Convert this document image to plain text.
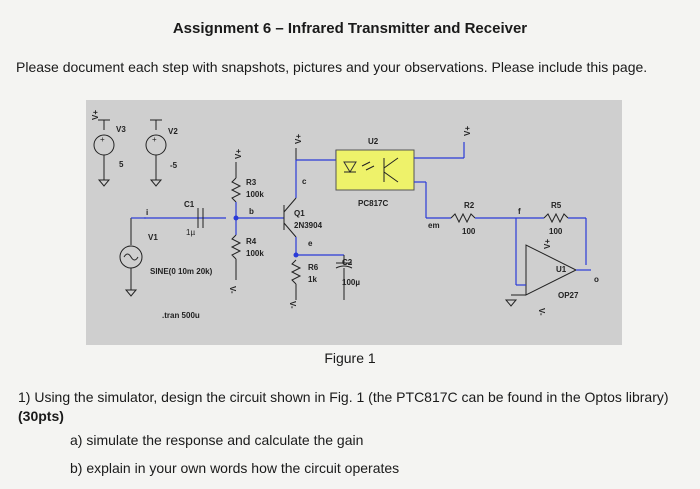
Assignment 6 – Infrared Transmitter and Receiver
Please document each step with snapshots, pictures and your observations. Please include this page.
+
V+
V3
5
+
V2
-5
i
V1
SINE(0 10m 20k)
C1
1µ
V+
V-
R3
100k
b
R4
100k
V+
c
Q1
2N3904
e
V-
R6
1k
C2
100µ
U2
PC817C
V+
em
R2
100
f
R5
100
V+
U1
OP27
o
V-
.tran 500u
Figure 1
1) Using the simulator, design the circuit shown in Fig. 1 (the PTC817C can be found in the Optos library)
(30pts)
a) simulate the response and calculate the gain
b) explain in your own words how the circuit operates
